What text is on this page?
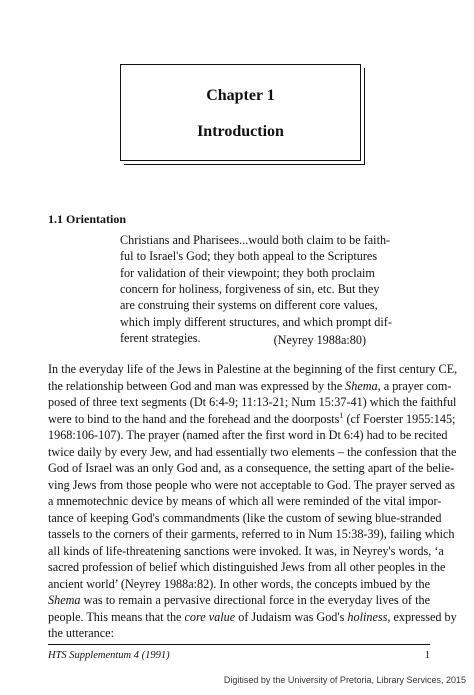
Chapter 1
Introduction
1.1 Orientation
Christians and Pharisees...would both claim to be faith-
ful to Israel's God; they both appeal to the Scriptures
for validation of their viewpoint; they both proclaim
concern for holiness, forgiveness of sin, etc. But they
are construing their systems on different core values,
which imply different structures, and which prompt dif-
ferent strategies.	(Neyrey 1988a:80)
In the everyday life of the Jews in Palestine at the beginning of the first century CE,
the relationship between God and man was expressed by the Shema, a prayer com-
posed of three text segments (Dt 6:4-9; 11:13-21; Num 15:37-41) which the faithful
were to bind to the hand and the forehead and the doorposts$^1$ (cf Foerster 1955:145;
1968:106-107). The prayer (named after the first word in Dt 6:4) had to be recited
twice daily by every Jew, and had essentially two elements – the confession that the
God of Israel was an only God and, as a consequence, the setting apart of the belie-
ving Jews from those people who were not acceptable to God. The prayer served as
a mnemotechnic device by means of which all were reminded of the vital impor-
tance of keeping God's commandments (like the custom of sewing blue-stranded
tassels to the corners of their garments, referred to in Num 15:38-39), failing which
all kinds of life-threatening sanctions were invoked. It was, in Neyrey's words, ‘a
sacred profession of belief which distinguished Jews from all other peoples in the
ancient world’ (Neyrey 1988a:82). In other words, the concepts imbued by the
Shema was to remain a pervasive directional force in the everyday lives of the
people. This means that the core value of Judaism was God's holiness, expressed by
the utterance:
HTS Supplementum 4 (1991)	1
Digitised by the University of Pretoria, Library Services, 2015
